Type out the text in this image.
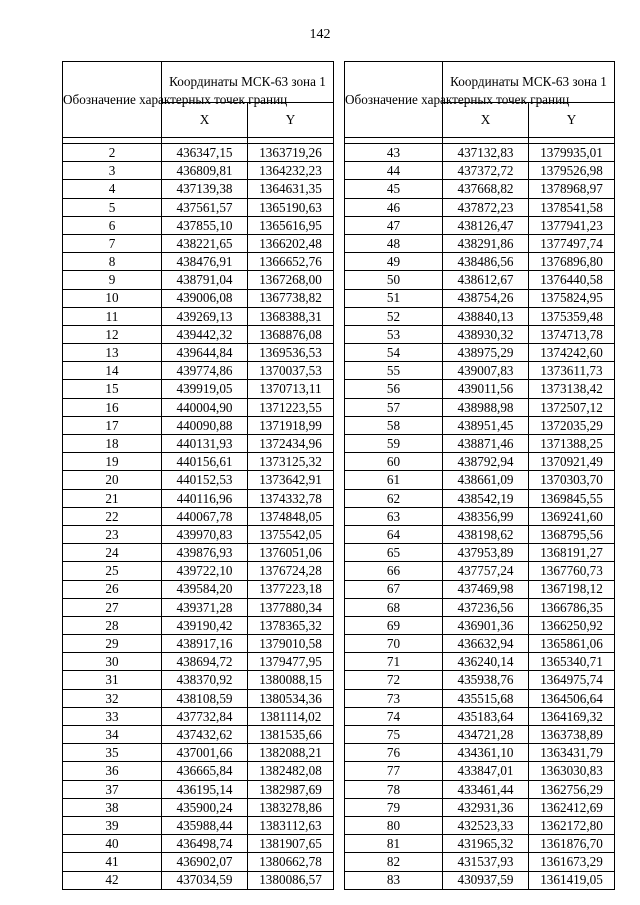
142
Обозначение характерных точек границ	Координаты МСК-63 зона 1	
	X	Y

2	436347,15	1363719,26
3	436809,81	1364232,23
4	437139,38	1364631,35
5	437561,57	1365190,63
6	437855,10	1365616,95
7	438221,65	1366202,48
8	438476,91	1366652,76
9	438791,04	1367268,00
10	439006,08	1367738,82
11	439269,13	1368388,31
12	439442,32	1368876,08
13	439644,84	1369536,53
14	439774,86	1370037,53
15	439919,05	1370713,11
16	440004,90	1371223,55
17	440090,88	1371918,99
18	440131,93	1372434,96
19	440156,61	1373125,32
20	440152,53	1373642,91
21	440116,96	1374332,78
22	440067,78	1374848,05
23	439970,83	1375542,05
24	439876,93	1376051,06
25	439722,10	1376724,28
26	439584,20	1377223,18
27	439371,28	1377880,34
28	439190,42	1378365,32
29	438917,16	1379010,58
30	438694,72	1379477,95
31	438370,92	1380088,15
32	438108,59	1380534,36
33	437732,84	1381114,02
34	437432,62	1381535,66
35	437001,66	1382088,21
36	436665,84	1382482,08
37	436195,14	1382987,69
38	435900,24	1383278,86
39	435988,44	1383112,63
40	436498,74	1381907,65
41	436902,07	1380662,78
42	437034,59	1380086,57
Обозначение характерных точек границ	Координаты МСК-63 зона 1	
	X	Y

43	437132,83	1379935,01
44	437372,72	1379526,98
45	437668,82	1378968,97
46	437872,23	1378541,58
47	438126,47	1377941,23
48	438291,86	1377497,74
49	438486,56	1376896,80
50	438612,67	1376440,58
51	438754,26	1375824,95
52	438840,13	1375359,48
53	438930,32	1374713,78
54	438975,29	1374242,60
55	439007,83	1373611,73
56	439011,56	1373138,42
57	438988,98	1372507,12
58	438951,45	1372035,29
59	438871,46	1371388,25
60	438792,94	1370921,49
61	438661,09	1370303,70
62	438542,19	1369845,55
63	438356,99	1369241,60
64	438198,62	1368795,56
65	437953,89	1368191,27
66	437757,24	1367760,73
67	437469,98	1367198,12
68	437236,56	1366786,35
69	436901,36	1366250,92
70	436632,94	1365861,06
71	436240,14	1365340,71
72	435938,76	1364975,74
73	435515,68	1364506,64
74	435183,64	1364169,32
75	434721,28	1363738,89
76	434361,10	1363431,79
77	433847,01	1363030,83
78	433461,44	1362756,29
79	432931,36	1362412,69
80	432523,33	1362172,80
81	431965,32	1361876,70
82	431537,93	1361673,29
83	430937,59	1361419,05
